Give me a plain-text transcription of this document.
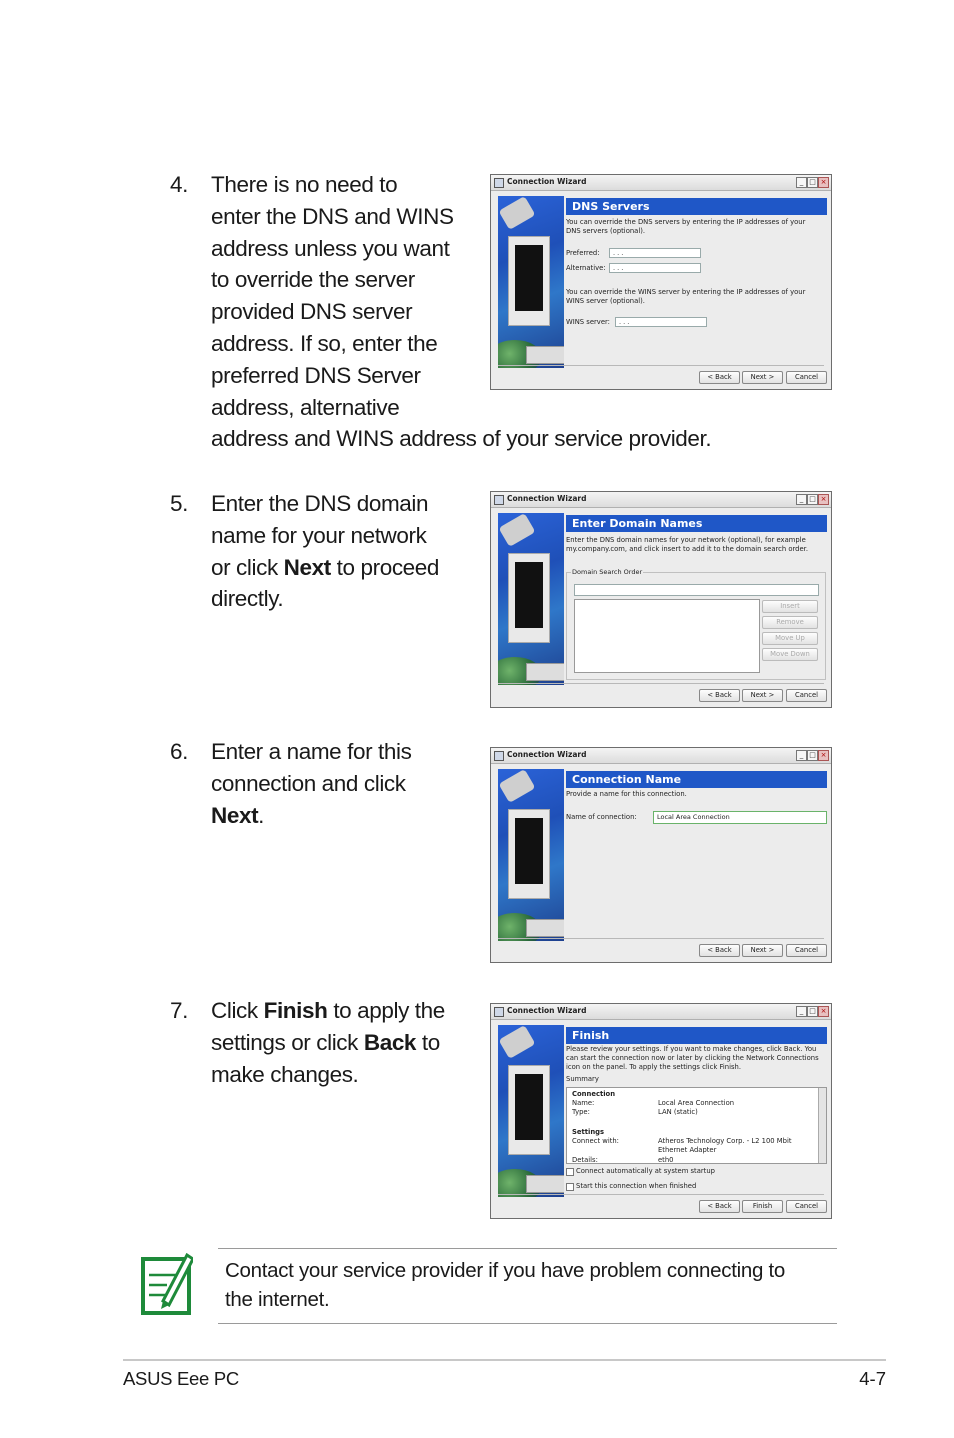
4. There is no need to
enter the DNS and WINS
address unless you want
to override the server
provided DNS server
address. If so, enter the
preferred DNS Server
address, alternative
address and WINS address of your service provider.
Connection Wizard	_ □ ×
DNS Servers
You can override the DNS servers by entering the IP addresses of your
DNS servers (optional).
Preferred:	. . .
Alternative:	. . .
You can override the WINS server by entering the IP addresses of your
WINS server (optional).
WINS server:	. . .
< Back	Next >	Cancel
5. Enter the DNS domain
name for your network
or click Next to proceed
directly.
Connection Wizard	_ □ ×
Enter Domain Names
Enter the DNS domain names for your network (optional), for example
my.company.com, and click insert to add it to the domain search order.
Domain Search Order
Insert
Remove
Move Up
Move Down
< Back	Next >	Cancel
6. Enter a name for this
connection and click
Next.
Connection Wizard	_ □ ×
Connection Name
Provide a name for this connection.
Name of connection:	Local Area Connection
< Back	Next >	Cancel
7. Click Finish to apply the
settings or click Back to
make changes.
Connection Wizard	_ □ ×
Finish
Please review your settings. If you want to make changes, click Back. You
can start the connection now or later by clicking the Network Connections
icon on the panel. To apply the settings click Finish.
Summary
Connection
Name:	Local Area Connection
Type:	LAN (static)
Settings
Connect with:	Atheros Technology Corp. - L2 100 Mbit
Ethernet Adapter
Details:	eth0
Connect automatically at system startup
Start this connection when finished
< Back	Finish	Cancel
Contact your service provider if you have problem connecting to
the internet.
ASUS Eee PC	4-7
